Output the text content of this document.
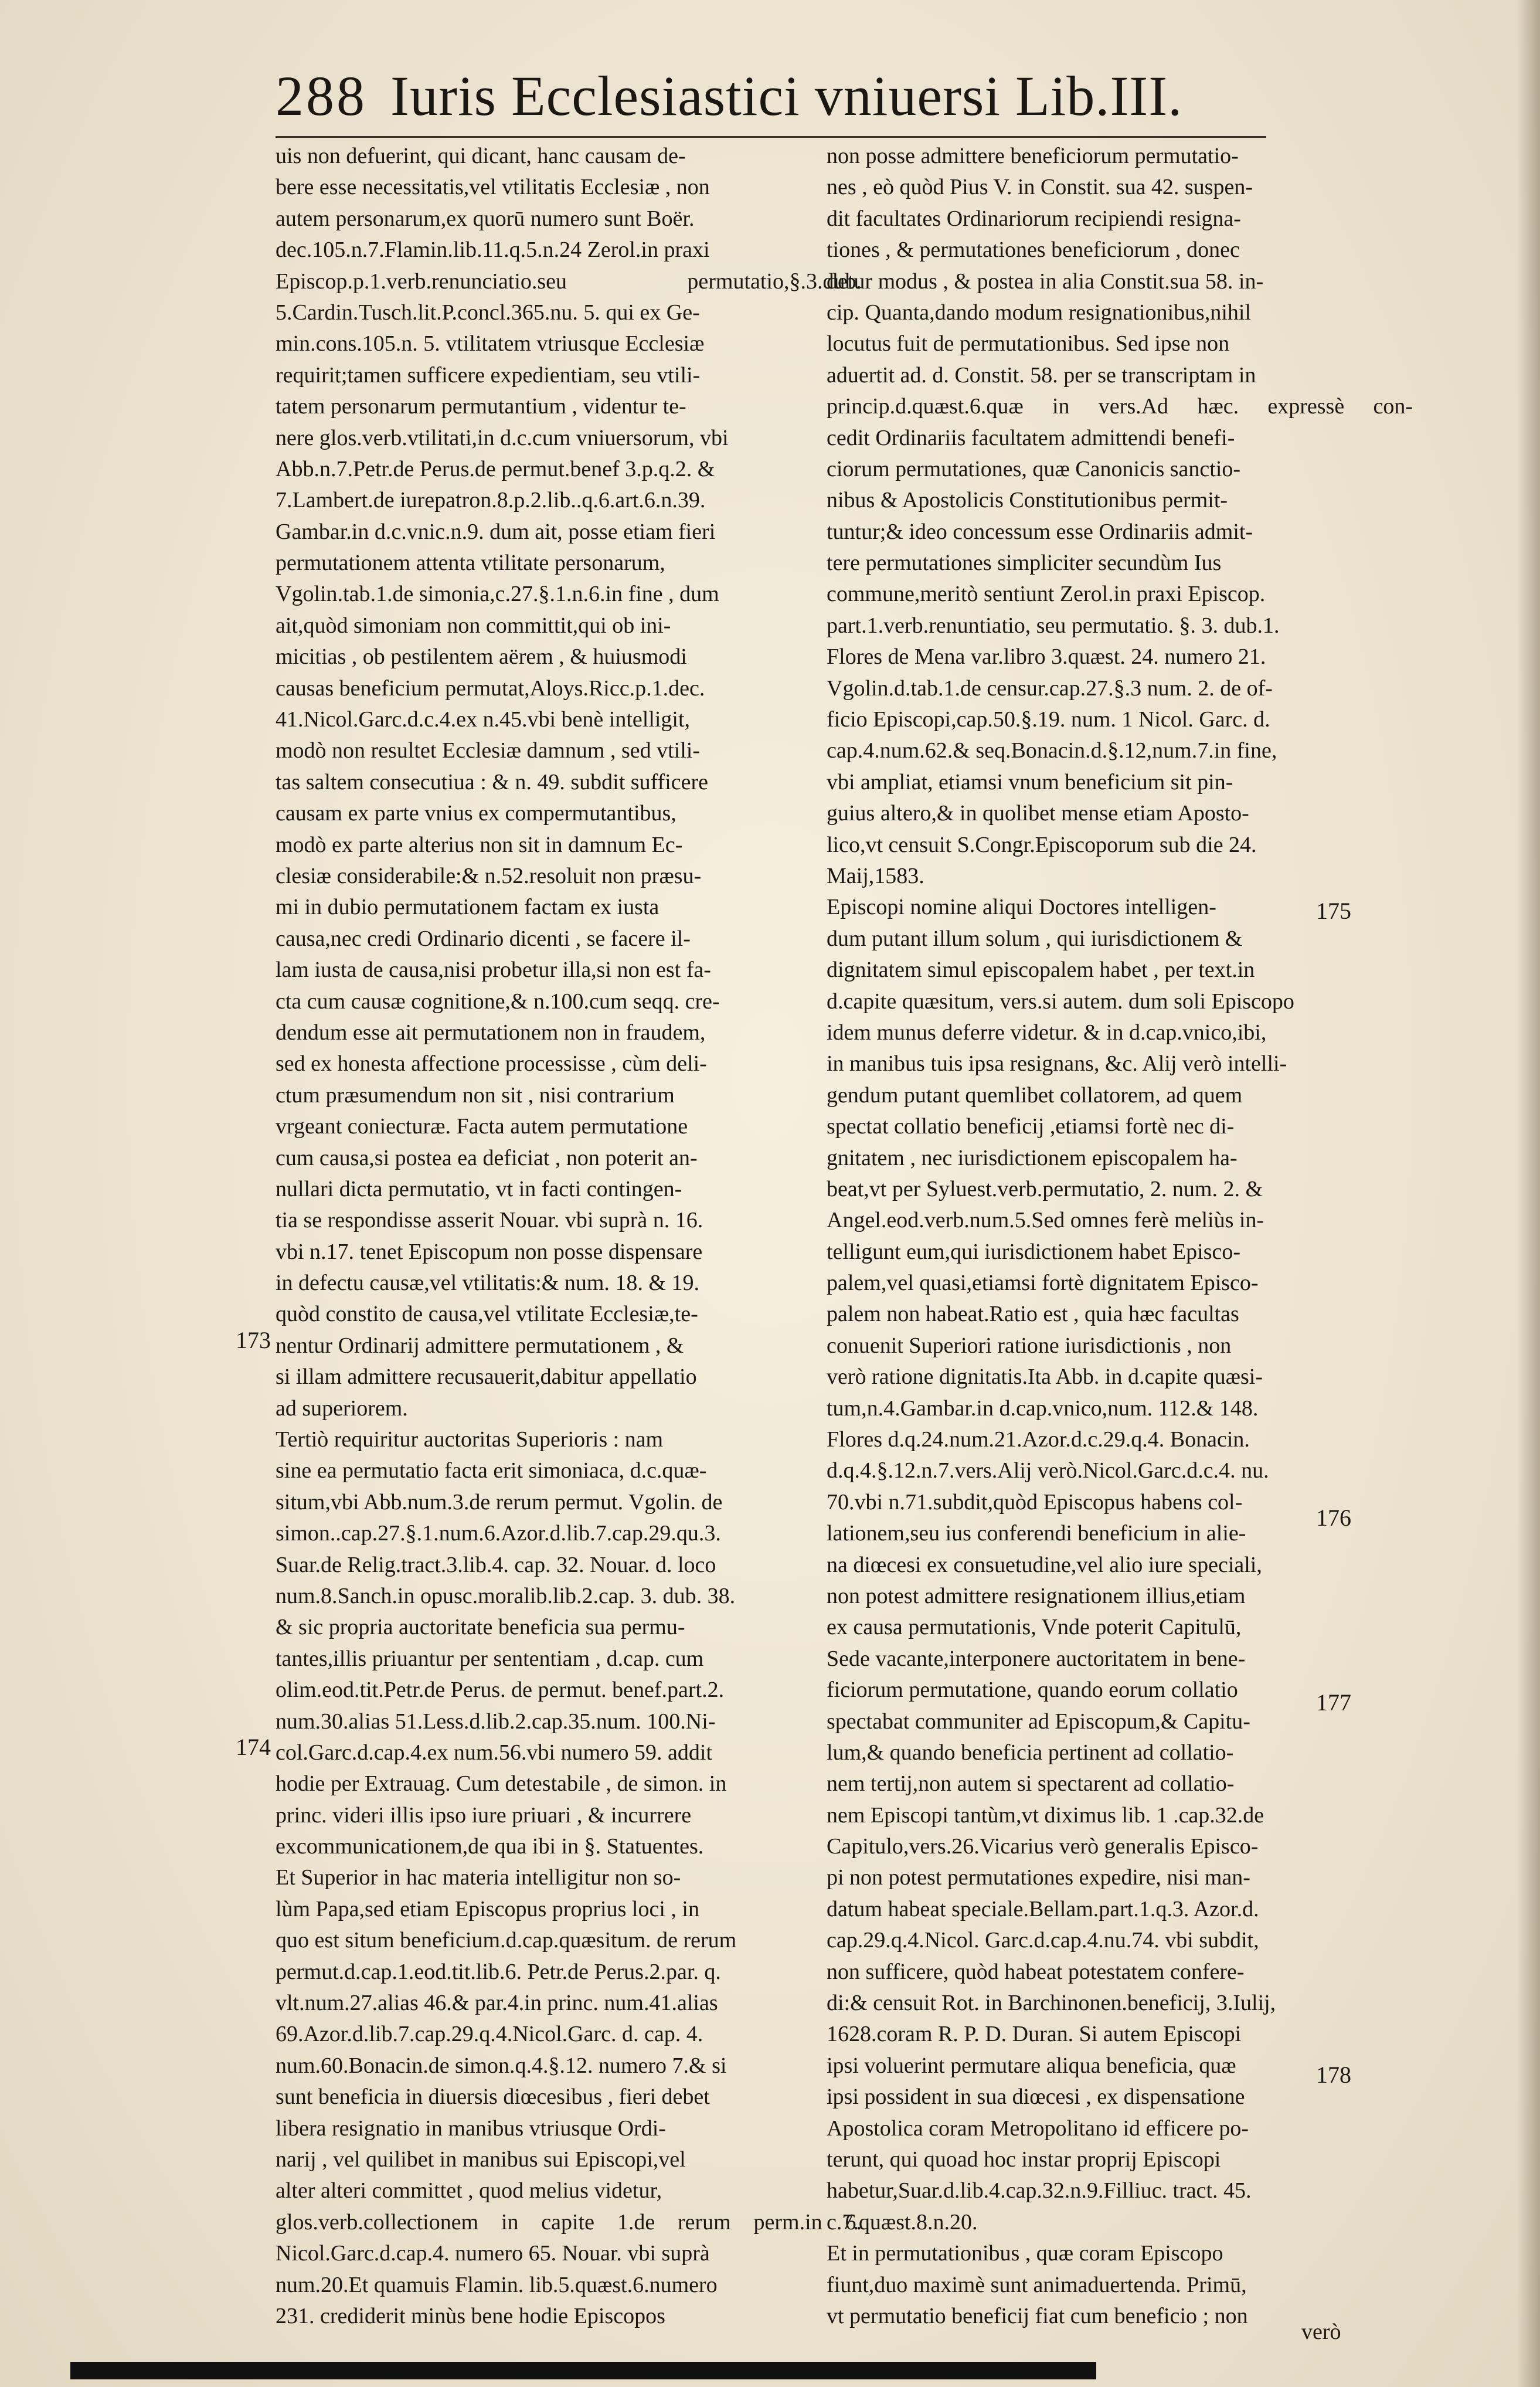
288 Iuris Ecclesiastici vniuersi Lib.III.
uis non defuerint, qui dicant, hanc causam de-
bere esse necessitatis,vel vtilitatis Ecclesiæ , non
autem personarum,ex quorū numero sunt Boër.
dec.105.n.7.Flamin.lib.11.q.5.n.24 Zerol.in praxi
Episcop.p.1.verb.renunciatio.seu permutatio,§.3.dub.
5.Cardin.Tusch.lit.P.concl.365.nu. 5. qui ex Ge-
min.cons.105.n. 5. vtilitatem vtriusque Ecclesiæ
requirit;tamen sufficere expedientiam, seu vtili-
tatem personarum permutantium , videntur te-
nere glos.verb.vtilitati,in d.c.cum vniuersorum, vbi
Abb.n.7.Petr.de Perus.de permut.benef 3.p.q.2. &
7.Lambert.de iurepatron.8.p.2.lib..q.6.art.6.n.39.
Gambar.in d.c.vnic.n.9. dum ait, posse etiam fieri
permutationem attenta vtilitate personarum,
Vgolin.tab.1.de simonia,c.27.§.1.n.6.in fine , dum
ait,quòd simoniam non committit,qui ob ini-
micitias , ob pestilentem aërem , & huiusmodi
causas beneficium permutat,Aloys.Ricc.p.1.dec.
41.Nicol.Garc.d.c.4.ex n.45.vbi benè intelligit,
modò non resultet Ecclesiæ damnum , sed vtili-
tas saltem consecutiua : & n. 49. subdit sufficere
causam ex parte vnius ex compermutantibus,
modò ex parte alterius non sit in damnum Ec-
clesiæ considerabile:& n.52.resoluit non præsu-
mi in dubio permutationem factam ex iusta
causa,nec credi Ordinario dicenti , se facere il-
lam iusta de causa,nisi probetur illa,si non est fa-
cta cum causæ cognitione,& n.100.cum seqq. cre-
dendum esse ait permutationem non in fraudem,
sed ex honesta affectione processisse , cùm deli-
ctum præsumendum non sit , nisi contrarium
vrgeant coniecturæ. Facta autem permutatione
cum causa,si postea ea deficiat , non poterit an-
nullari dicta permutatio, vt in facti contingen-
tia se respondisse asserit Nouar. vbi suprà n. 16.
vbi n.17. tenet Episcopum non posse dispensare
in defectu causæ,vel vtilitatis:& num. 18. & 19.
quòd constito de causa,vel vtilitate Ecclesiæ,te-
nentur Ordinarij admittere permutationem , &
si illam admittere recusauerit,dabitur appellatio
ad superiorem.
Tertiò requiritur auctoritas Superioris : nam
sine ea permutatio facta erit simoniaca, d.c.quæ-
situm,vbi Abb.num.3.de rerum permut. Vgolin. de
simon..cap.27.§.1.num.6.Azor.d.lib.7.cap.29.qu.3.
Suar.de Relig.tract.3.lib.4. cap. 32. Nouar. d. loco
num.8.Sanch.in opusc.moralib.lib.2.cap. 3. dub. 38.
& sic propria auctoritate beneficia sua permu-
tantes,illis priuantur per sententiam , d.cap. cum
olim.eod.tit.Petr.de Perus. de permut. benef.part.2.
num.30.alias 51.Less.d.lib.2.cap.35.num. 100.Ni-
col.Garc.d.cap.4.ex num.56.vbi numero 59. addit
hodie per Extrauag. Cum detestabile , de simon. in
princ. videri illis ipso iure priuari , & incurrere
excommunicationem,de qua ibi in §. Statuentes.
Et Superior in hac materia intelligitur non so-
lùm Papa,sed etiam Episcopus proprius loci , in
quo est situm beneficium.d.cap.quæsitum. de rerum
permut.d.cap.1.eod.tit.lib.6. Petr.de Perus.2.par. q.
vlt.num.27.alias 46.& par.4.in princ. num.41.alias
69.Azor.d.lib.7.cap.29.q.4.Nicol.Garc. d. cap. 4.
num.60.Bonacin.de simon.q.4.§.12. numero 7.& si
sunt beneficia in diuersis diœcesibus , fieri debet
libera resignatio in manibus vtriusque Ordi-
narij , vel quilibet in manibus sui Episcopi,vel
alter alteri committet , quod melius videtur,
glos.verb.collectionem in capite 1.de rerum perm.in 6.
Nicol.Garc.d.cap.4. numero 65. Nouar. vbi suprà
num.20.Et quamuis Flamin. lib.5.quæst.6.numero
231. crediderit minùs bene hodie Episcopos
non posse admittere beneficiorum permutatio-
nes , eò quòd Pius V. in Constit. sua 42. suspen-
dit facultates Ordinariorum recipiendi resigna-
tiones , & permutationes beneficiorum , donec
detur modus , & postea in alia Constit.sua 58. in-
cip. Quanta,dando modum resignationibus,nihil
locutus fuit de permutationibus. Sed ipse non
aduertit ad. d. Constit. 58. per se transcriptam in
princip.d.quæst.6.quæ in vers.Ad hæc. expressè con-
cedit Ordinariis facultatem admittendi benefi-
ciorum permutationes, quæ Canonicis sanctio-
nibus & Apostolicis Constitutionibus permit-
tuntur;& ideo concessum esse Ordinariis admit-
tere permutationes simpliciter secundùm Ius
commune,meritò sentiunt Zerol.in praxi Episcop.
part.1.verb.renuntiatio, seu permutatio. §. 3. dub.1.
Flores de Mena var.libro 3.quæst. 24. numero 21.
Vgolin.d.tab.1.de censur.cap.27.§.3 num. 2. de of-
ficio Episcopi,cap.50.§.19. num. 1 Nicol. Garc. d.
cap.4.num.62.& seq.Bonacin.d.§.12,num.7.in fine,
vbi ampliat, etiamsi vnum beneficium sit pin-
guius altero,& in quolibet mense etiam Aposto-
lico,vt censuit S.Congr.Episcoporum sub die 24.
Maij,1583.
Episcopi nomine aliqui Doctores intelligen-
dum putant illum solum , qui iurisdictionem &
dignitatem simul episcopalem habet , per text.in
d.capite quæsitum, vers.si autem. dum soli Episcopo
idem munus deferre videtur. & in d.cap.vnico,ibi,
in manibus tuis ipsa resignans, &c. Alij verò intelli-
gendum putant quemlibet collatorem, ad quem
spectat collatio beneficij ,etiamsi fortè nec di-
gnitatem , nec iurisdictionem episcopalem ha-
beat,vt per Syluest.verb.permutatio, 2. num. 2. &
Angel.eod.verb.num.5.Sed omnes ferè meliùs in-
telligunt eum,qui iurisdictionem habet Episco-
palem,vel quasi,etiamsi fortè dignitatem Episco-
palem non habeat.Ratio est , quia hæc facultas
conuenit Superiori ratione iurisdictionis , non
verò ratione dignitatis.Ita Abb. in d.capite quæsi-
tum,n.4.Gambar.in d.cap.vnico,num. 112.& 148.
Flores d.q.24.num.21.Azor.d.c.29.q.4. Bonacin.
d.q.4.§.12.n.7.vers.Alij verò.Nicol.Garc.d.c.4. nu.
70.vbi n.71.subdit,quòd Episcopus habens col-
lationem,seu ius conferendi beneficium in alie-
na diœcesi ex consuetudine,vel alio iure speciali,
non potest admittere resignationem illius,etiam
ex causa permutationis, Vnde poterit Capitulū,
Sede vacante,interponere auctoritatem in bene-
ficiorum permutatione, quando eorum collatio
spectabat communiter ad Episcopum,& Capitu-
lum,& quando beneficia pertinent ad collatio-
nem tertij,non autem si spectarent ad collatio-
nem Episcopi tantùm,vt diximus lib. 1 .cap.32.de
Capitulo,vers.26.Vicarius verò generalis Episco-
pi non potest permutationes expedire, nisi man-
datum habeat speciale.Bellam.part.1.q.3. Azor.d.
cap.29.q.4.Nicol. Garc.d.cap.4.nu.74. vbi subdit,
non sufficere, quòd habeat potestatem confere-
di:& censuit Rot. in Barchinonen.beneficij, 3.Iulij,
1628.coram R. P. D. Duran. Si autem Episcopi
ipsi voluerint permutare aliqua beneficia, quæ
ipsi possident in sua diœcesi , ex dispensatione
Apostolica coram Metropolitano id efficere po-
terunt, qui quoad hoc instar proprij Episcopi
habetur,Suar.d.lib.4.cap.32.n.9.Filliuc. tract. 45.
c.7.quæst.8.n.20.
Et in permutationibus , quæ coram Episcopo
fiunt,duo maximè sunt animaduertenda. Primū,
vt permutatio beneficij fiat cum beneficio ; non
173
174
175
176
177
178
verò
